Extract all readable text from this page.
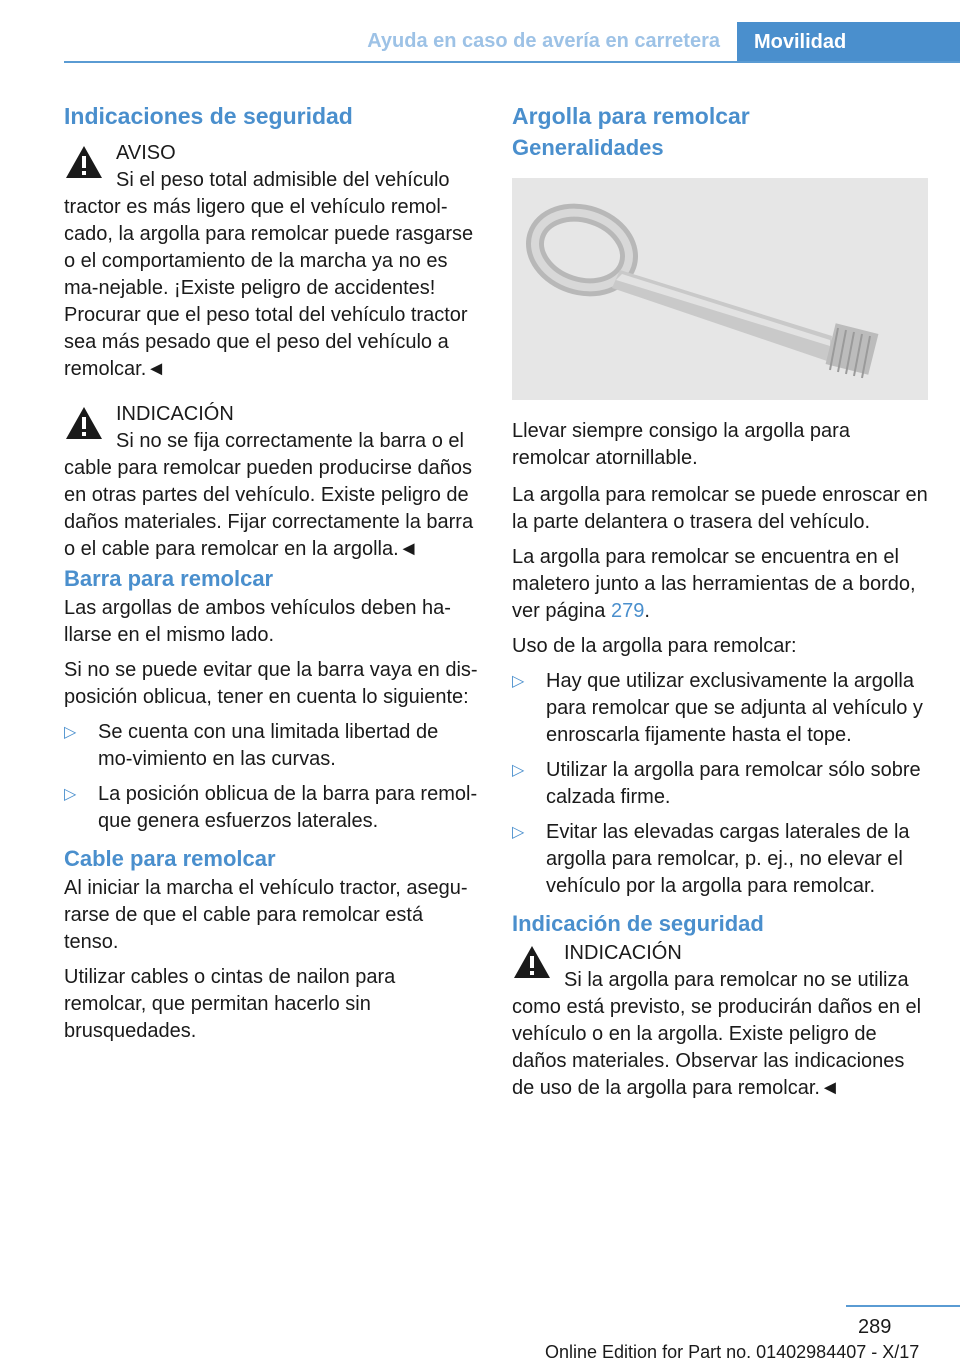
Ayuda en caso de avería en carretera Movilidad
Indicaciones de seguridad

AVISO

Si el peso total admisible del vehículo tractor es más ligero que el vehículo remol-cado, la argolla para remolcar puede rasgarse o el comportamiento de la marcha ya no es ma-nejable. ¡Existe peligro de accidentes! Procurar que el peso total del vehículo tractor sea más pesado que el peso del vehículo a remolcar.◄

INDICACIÓN

Si no se fija correctamente la barra o el cable para remolcar pueden producirse daños en otras partes del vehículo. Existe peligro de daños materiales. Fijar correctamente la barra o el cable para remolcar en la argolla.◄

Barra para remolcar

Las argollas de ambos vehículos deben ha-llarse en el mismo lado.

Si no se puede evitar que la barra vaya en dis-posición oblicua, tener en cuenta lo siguiente:

▷ Se cuenta con una limitada libertad de mo-vimiento en las curvas.
▷ La posición oblicua de la barra para remol-que genera esfuerzos laterales.
Cable para remolcar

Al iniciar la marcha el vehículo tractor, asegu-rarse de que el cable para remolcar está tenso.

Utilizar cables o cintas de nailon para remolcar, que permitan hacerlo sin brusquedades.

Argolla para remolcar
Generalidades

Llevar siempre consigo la argolla para remolcar atornillable.

La argolla para remolcar se puede enroscar en la parte delantera o trasera del vehículo.

La argolla para remolcar se encuentra en el maletero junto a las herramientas de a bordo, ver página 279.

Uso de la argolla para remolcar:

▷ Hay que utilizar exclusivamente la argolla para remolcar que se adjunta al vehículo y enroscarla fijamente hasta el tope.
▷ Utilizar la argolla para remolcar sólo sobre calzada firme.
▷ Evitar las elevadas cargas laterales de la argolla para remolcar, p. ej., no elevar el vehículo por la argolla para remolcar.
Indicación de seguridad

INDICACIÓN

Si la argolla para remolcar no se utiliza como está previsto, se producirán daños en el vehículo o en la argolla. Existe peligro de daños materiales. Observar las indicaciones de uso de la argolla para remolcar.◄

289
Online Edition for Part no. 01402984407 - X/17
